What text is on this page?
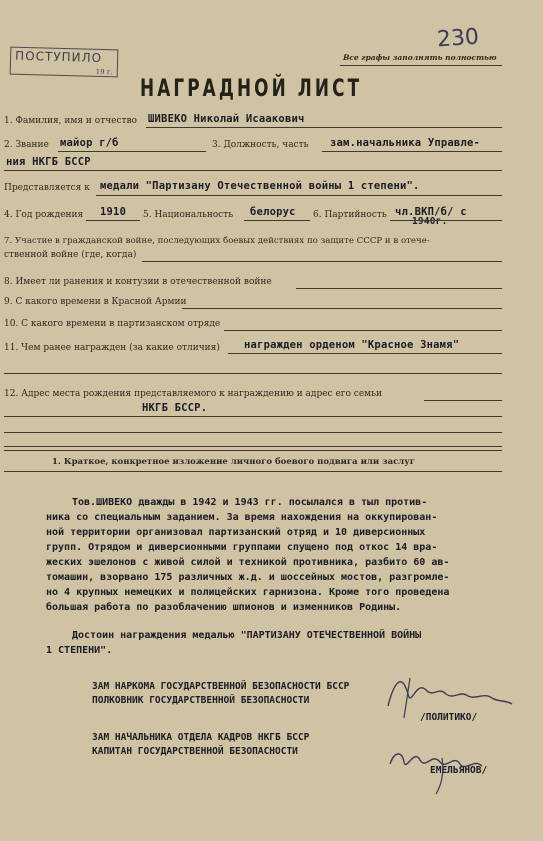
ПОСТУПИЛО
19 г.
230
Все графы заполнять полностью
НАГРАДНОЙ ЛИСТ
1. Фамилия, имя и отчество ШИВЕКО Николай Исаакович
2. Звание майор г/б	3. Должность, часть зам.начальника Управле-
ния НКГБ БССР
Представляется к медали "Партизану Отечественной войны 1 степени".
4. Год рождения 1910 5. Национальность белорус 6. Партийность чл.ВКП/б/ с
1940г.
7. Участие в гражданской войне, последующих боевых действиях по защите СССР и в отече-
ственной войне (где, когда)
8. Имеет ли ранения и контузии в отечественной войне
9. С какого времени в Красной Армии
10. С какого времени в партизанском отряде
11. Чем ранее награжден (за какие отличия) награжден орденом "Красное Знамя"
12. Адрес места рождения представляемого к награждению и адрес его семьи
НКГБ БССР.
1. Краткое, конкретное изложение личного боевого подвига или заслуг
Тов.ШИВЕКО дважды в 1942 и 1943 гг. посылался в тыл против-
ника со специальным заданием. За время нахождения на оккупирован-
ной территории организовал партизанский отряд и 10 диверсионных
групп. Отрядом и диверсионными группами спущено под откос 14 вра-
жеских эшелонов с живой силой и техникой противника, разбито 60 ав-
томашин, взорвано 175 различных ж.д. и шоссейных мостов, разгромле-
но 4 крупных немецких и полицейских гарнизона. Кроме того проведена
большая работа по разоблачению шпионов и изменников Родины.
Достоин награждения медалью "ПАРТИЗАНУ ОТЕЧЕСТВЕННОЙ ВОЙНЫ
1 СТЕПЕНИ".
ЗАМ НАРКОМА ГОСУДАРСТВЕННОЙ БЕЗОПАСНОСТИ БССР
ПОЛКОВНИК ГОСУДАРСТВЕННОЙ БЕЗОПАСНОСТИ
/ПОЛИТИКО/
ЗАМ НАЧАЛЬНИКА ОТДЕЛА КАДРОВ НКГБ БССР
КАПИТАН ГОСУДАРСТВЕННОЙ БЕЗОПАСНОСТИ
ЕМЕЛЬЯНОВ/
